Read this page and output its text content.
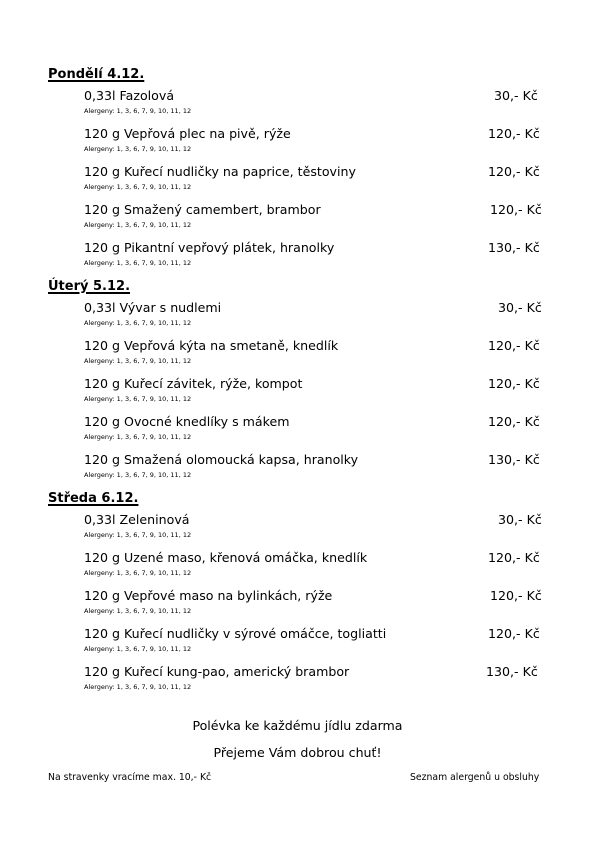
Pondělí 4.12.
0,33l Fazolová	30,- Kč
Alergeny: 1, 3, 6, 7, 9, 10, 11, 12
120 g Vepřová plec na pivě, rýže	120,- Kč
Alergeny: 1, 3, 6, 7, 9, 10, 11, 12
120 g Kuřecí nudličky na paprice, těstoviny	120,- Kč
Alergeny: 1, 3, 6, 7, 9, 10, 11, 12
120 g Smažený camembert, brambor	120,- Kč
Alergeny: 1, 3, 6, 7, 9, 10, 11, 12
120 g Pikantní vepřový plátek, hranolky	130,- Kč
Alergeny: 1, 3, 6, 7, 9, 10, 11, 12
Úterý 5.12.
0,33l Vývar s nudlemi	30,- Kč
Alergeny: 1, 3, 6, 7, 9, 10, 11, 12
120 g Vepřová kýta na smetaně, knedlík	120,- Kč
Alergeny: 1, 3, 6, 7, 9, 10, 11, 12
120 g Kuřecí závitek, rýže, kompot	120,- Kč
Alergeny: 1, 3, 6, 7, 9, 10, 11, 12
120 g Ovocné knedlíky s mákem	120,- Kč
Alergeny: 1, 3, 6, 7, 9, 10, 11, 12
120 g Smažená olomoucká kapsa, hranolky	130,- Kč
Alergeny: 1, 3, 6, 7, 9, 10, 11, 12
Středa 6.12.
0,33l Zeleninová	30,- Kč
Alergeny: 1, 3, 6, 7, 9, 10, 11, 12
120 g Uzené maso, křenová omáčka, knedlík	120,- Kč
Alergeny: 1, 3, 6, 7, 9, 10, 11, 12
120 g Vepřové maso na bylinkách, rýže	120,- Kč
Alergeny: 1, 3, 6, 7, 9, 10, 11, 12
120 g Kuřecí nudličky v sýrové omáčce, togliatti	120,- Kč
Alergeny: 1, 3, 6, 7, 9, 10, 11, 12
120 g Kuřecí kung-pao, americký brambor	130,- Kč
Alergeny: 1, 3, 6, 7, 9, 10, 11, 12
Polévka ke každému jídlu zdarma
Přejeme Vám dobrou chuť!
Na stravenky vracíme max. 10,- Kč	Seznam alergenů u obsluhy
